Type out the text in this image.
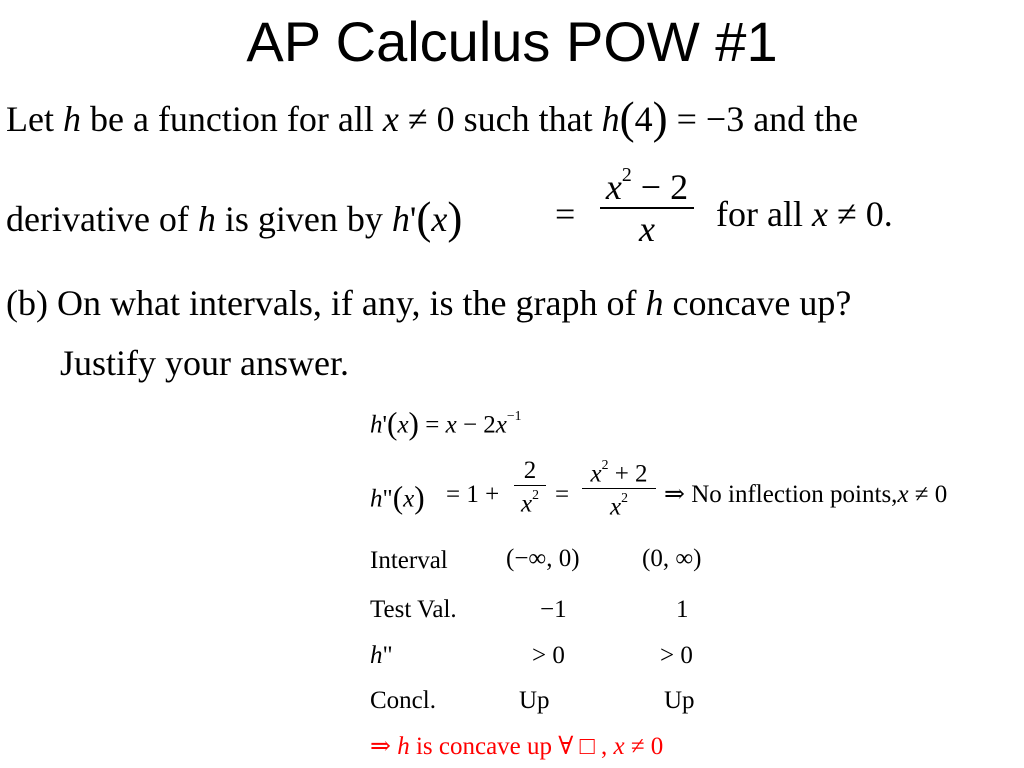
AP Calculus POW #1
Let h be a function for all x ≠ 0 such that h(4) = −3 and the
derivative of h is given by h'(x)	=
$x^2 - 2$
x	for all x ≠ 0.
(b) On what intervals, if any, is the graph of h concave up?
Justify your answer.
$h'(x) = x - 2x^{-1}$
h"(x) = 1 +
2
$x^2$ =
$x^2 + 2$
$x^2$	⇒ No inflection points,x ≠ 0
Interval (−∞, 0) (0, ∞)
Test Val.	−1	1
h"	> 0	> 0
Concl.	Up	Up
⇒ h is concave up ∀ □ , x ≠ 0
